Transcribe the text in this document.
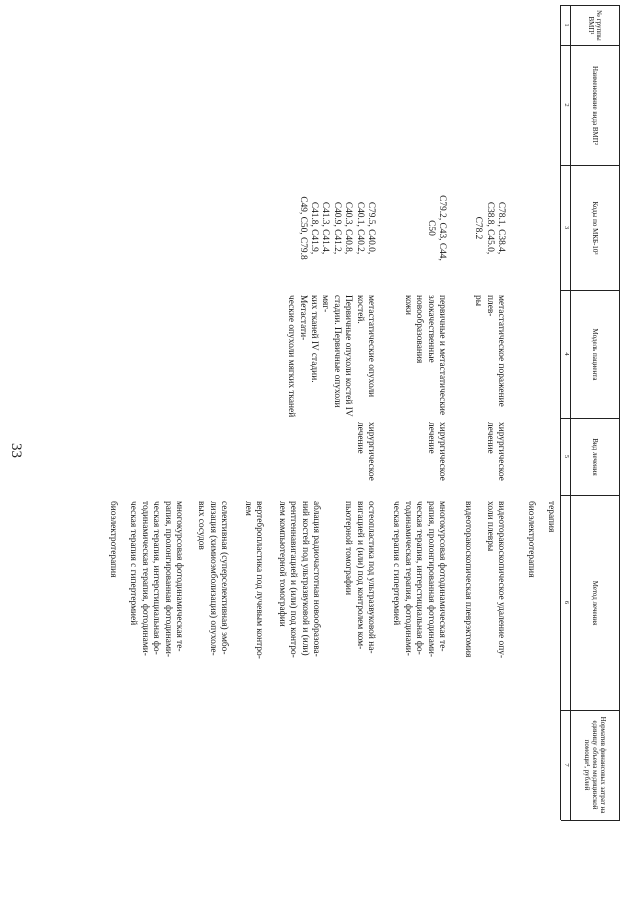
33
№ группы ВМП¹
Наименование вида ВМП²
Коды по МКБ-10³
Модель пациента
Вид лечения
Метод лечения
Норматив финансовых затрат на единицу объема медицинской помощи⁴, рублей
1
2
3
4
5
6
7
терапия
биоэлектротерапия
C78.1, C38.4,
C38.8, C45.0,
C78.2
метастатическое поражение плев-
ры
хирургическое
лечение
видеоторакоскопическое удаление опу-
холи плевры
видеоторакоскопическая плеврэктомия
C79.2, C43, C44,
C50
первичные и метастатические
злокачественные новообразования
кожи
хирургическое
лечение
многокурсовая фотодинамическая те-
рапия, пролонгированная фотодинами-
ческая терапия, интерстициальная фо-
тодинамическая терапия, фотодинами-
ческая терапия с гипертермией
C79.5, C40.0,
C40.1, C40.2,
C40.3, C40.8,
C40.9, C41.2,
C41.3, C41.4,
C41.8, C41.9,
C49, C50, C79.8
метастатические опухоли костей.
Первичные опухоли костей IV
стадии. Первичные опухоли мяг-
ких тканей IV стадии. Метастати-
ческие опухоли мягких тканей
хирургическое
лечение
остеопластика под ультразвуковой на-
вигацией и (или) под контролем ком-
пьютерной томографии
аблация радиочастотная новообразова-
ний костей под ультразвуковой и (или)
рентгеннавигацией и (или) под контро-
лем компьютерной томографии
вертебропластика под лучевым контро-
лем
селективная (суперселективная) эмбо-
лизация (химиоэмболизация) опухоле-
вых сосудов
многокурсовая фотодинамическая те-
рапия, пролонгированная фотодинами-
ческая терапия, интерстициальная фо-
тодинамическая терапия, фотодинами-
ческая терапия с гипертермией
биоэлектротерапия
